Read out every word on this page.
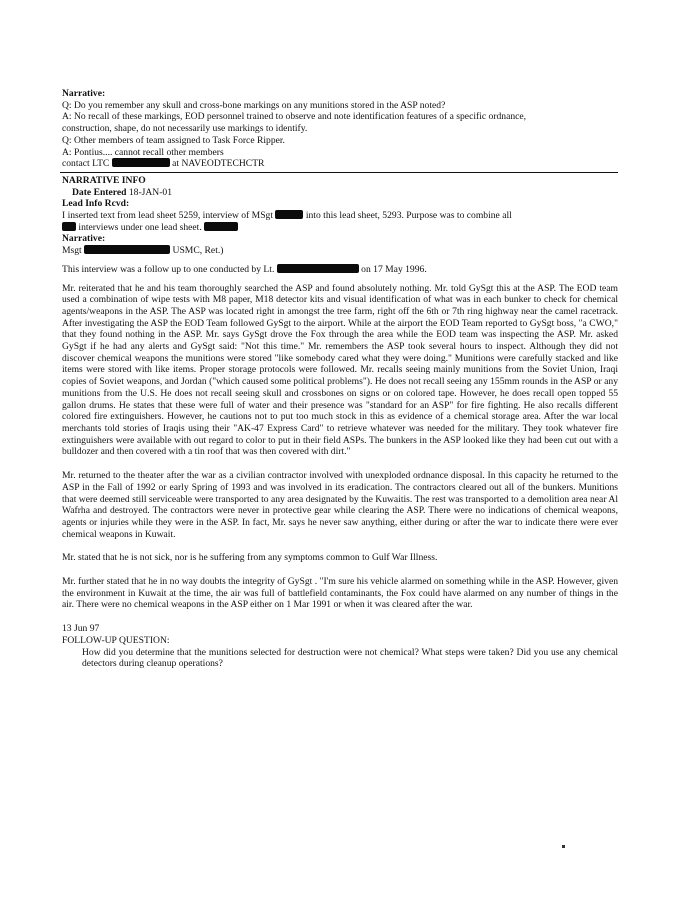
Narrative:
Q: Do you remember any skull and cross-bone markings on any munitions stored in the ASP noted?
A: No recall of these markings, EOD personnel trained to observe and note identification features of a specific ordnance,
construction, shape, do not necessarily use markings to identify.
Q: Other members of team assigned to Task Force Ripper.
A: Pontius.... cannot recall other members
contact LTC	at NAVEODTECHCTR
NARRATIVE INFO
Date Entered 18-JAN-01
Lead Info Rcvd:
I inserted text from lead sheet 5259, interview of MSgt	into this lead sheet, 5293. Purpose was to combine all
interviews under one lead sheet.
Narrative:
Msgt	USMC, Ret.)
This interview was a follow up to one conducted by Lt.	on 17 May 1996.

Mr. reiterated that he and his team thoroughly searched the ASP and found absolutely nothing. Mr. told GySgt this at the ASP. The EOD team used a combination of wipe tests with M8 paper, M18 detector kits and visual identification of what was in each bunker to check for chemical agents/weapons in the ASP. The ASP was located right in amongst the tree farm, right off the 6th or 7th ring highway near the camel racetrack. After investigating the ASP the EOD Team followed GySgt to the airport. While at the airport the EOD Team reported to GySgt boss, "a CWO," that they found nothing in the ASP. Mr. says GySgt drove the Fox through the area while the EOD team was inspecting the ASP. Mr. asked GySgt if he had any alerts and GySgt said: "Not this time." Mr. remembers the ASP took several hours to inspect. Although they did not discover chemical weapons the munitions were stored "like somebody cared what they were doing." Munitions were carefully stacked and like items were stored with like items. Proper storage protocols were followed. Mr. recalls seeing mainly munitions from the Soviet Union, Iraqi copies of Soviet weapons, and Jordan ("which caused some political problems"). He does not recall seeing any 155mm rounds in the ASP or any munitions from the U.S. He does not recall seeing skull and crossbones on signs or on colored tape. However, he does recall open topped 55 gallon drums. He states that these were full of water and their presence was "standard for an ASP" for fire fighting. He also recalls different colored fire extinguishers. However, he cautions not to put too much stock in this as evidence of a chemical storage area. After the war local merchants told stories of Iraqis using their "AK-47 Express Card" to retrieve whatever was needed for the military. They took whatever fire extinguishers were available with out regard to color to put in their field ASPs. The bunkers in the ASP looked like they had been cut out with a bulldozer and then covered with a tin roof that was then covered with dirt."

Mr. returned to the theater after the war as a civilian contractor involved with unexploded ordnance disposal. In this capacity he returned to the ASP in the Fall of 1992 or early Spring of 1993 and was involved in its eradication. The contractors cleared out all of the bunkers. Munitions that were deemed still serviceable were transported to any area designated by the Kuwaitis. The rest was transported to a demolition area near Al Wafrha and destroyed. The contractors were never in protective gear while clearing the ASP. There were no indications of chemical weapons, agents or injuries while they were in the ASP. In fact, Mr. says he never saw anything, either during or after the war to indicate there were ever chemical weapons in Kuwait.

Mr. stated that he is not sick, nor is he suffering from any symptoms common to Gulf War Illness.

Mr. further stated that he in no way doubts the integrity of GySgt . "I'm sure his vehicle alarmed on something while in the ASP. However, given the environment in Kuwait at the time, the air was full of battlefield contaminants, the Fox could have alarmed on any number of things in the air. There were no chemical weapons in the ASP either on 1 Mar 1991 or when it was cleared after the war.

13 Jun 97
FOLLOW-UP QUESTION:

How did you determine that the munitions selected for destruction were not chemical? What steps were taken? Did you use any chemical detectors during cleanup operations?
